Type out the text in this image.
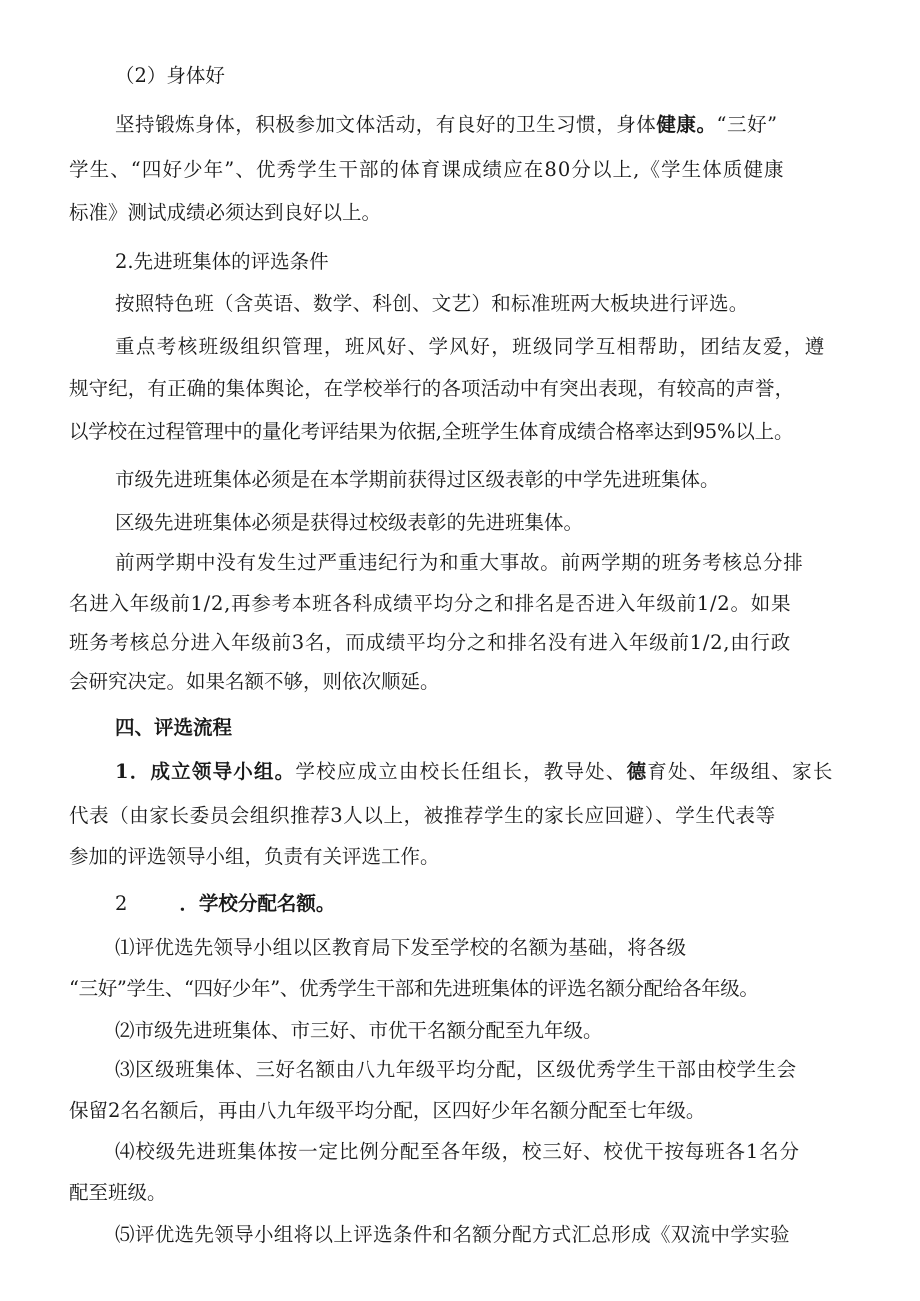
（2）身体好
坚持锻炼身体，积极参加文体活动，有良好的卫生习惯，身体健康。“三好”
学生、“四好少年”、优秀学生干部的体育课成绩应在80分以上,《学生体质健康
标准》测试成绩必须达到良好以上。
2.先进班集体的评选条件
按照特色班（含英语、数学、科创、文艺）和标准班两大板块进行评选。
重点考核班级组织管理，班风好、学风好，班级同学互相帮助，团结友爱，遵
规守纪，有正确的集体舆论，在学校举行的各项活动中有突出表现，有较高的声誉，
以学校在过程管理中的量化考评结果为依据,全班学生体育成绩合格率达到95%以上。
市级先进班集体必须是在本学期前获得过区级表彰的中学先进班集体。
区级先进班集体必须是获得过校级表彰的先进班集体。
前两学期中没有发生过严重违纪行为和重大事故。前两学期的班务考核总分排
名进入年级前1/2,再参考本班各科成绩平均分之和排名是否进入年级前1/2。如果
班务考核总分进入年级前3名，而成绩平均分之和排名没有进入年级前1/2,由行政
会研究决定。如果名额不够，则依次顺延。
四、评选流程
1．成立领导小组。学校应成立由校长任组长，教导处、德育处、年级组、家长
代表（由家长委员会组织推荐3人以上，被推荐学生的家长应回避）、学生代表等
参加的评选领导小组，负责有关评选工作。
2	．学校分配名额。
⑴评优选先领导小组以区教育局下发至学校的名额为基础，将各级
“三好”学生、“四好少年”、优秀学生干部和先进班集体的评选名额分配给各年级。
⑵市级先进班集体、市三好、市优干名额分配至九年级。
⑶区级班集体、三好名额由八九年级平均分配，区级优秀学生干部由校学生会
保留2名名额后，再由八九年级平均分配，区四好少年名额分配至七年级。
⑷校级先进班集体按一定比例分配至各年级，校三好、校优干按每班各1名分
配至班级。
⑸评优选先领导小组将以上评选条件和名额分配方式汇总形成《双流中学实验
